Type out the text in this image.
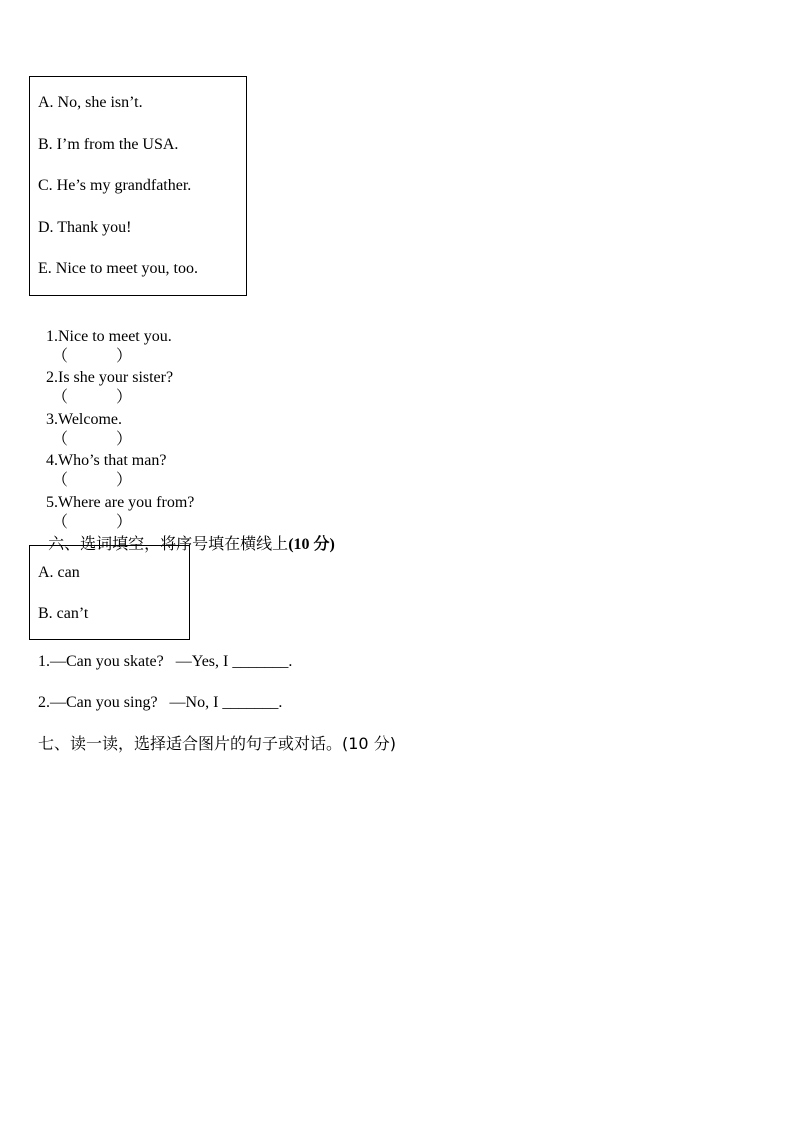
A. No, she isn’t.
B. I’m from the USA.
C. He’s my grandfather.
D. Thank you!
E. Nice to meet you, too.

1.Nice to meet you.
（            ）

2.Is she your sister?
（            ）

3.Welcome.
（            ）

4.Who’s that man?
（            ）

5.Where are you from?
（            ）

六、选词填空，将序号填在横线上(10 分)

A. can
B. can’t
1.—Can you skate?   —Yes, I _______.
2.—Can you sing?   —No, I _______.
七、读一读，选择适合图片的句子或对话。(10 分)
